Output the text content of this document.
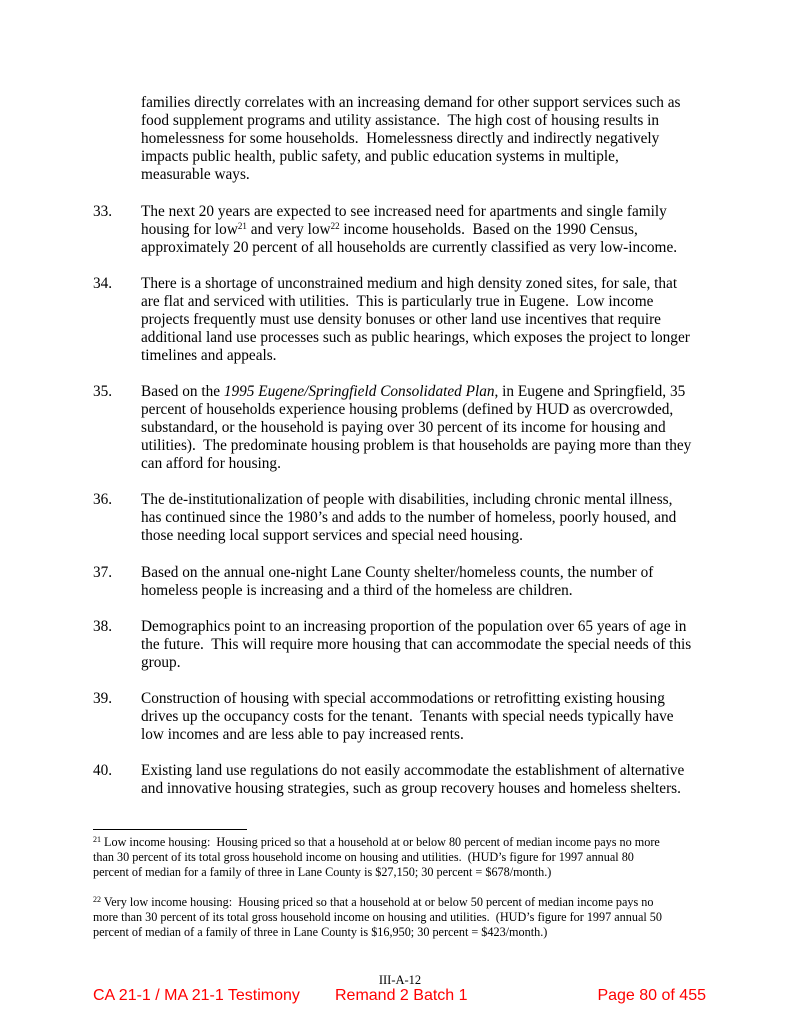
families directly correlates with an increasing demand for other support services such as
food supplement programs and utility assistance.  The high cost of housing results in
homelessness for some households.  Homelessness directly and indirectly negatively
impacts public health, public safety, and public education systems in multiple,
measurable ways.
33. The next 20 years are expected to see increased need for apartments and single family
housing for low$^{21}$ and very low$^{22}$ income households.  Based on the 1990 Census,
approximately 20 percent of all households are currently classified as very low-income.
34. There is a shortage of unconstrained medium and high density zoned sites, for sale, that
are flat and serviced with utilities.  This is particularly true in Eugene.  Low income
projects frequently must use density bonuses or other land use incentives that require
additional land use processes such as public hearings, which exposes the project to longer
timelines and appeals.
35. Based on the 1995 Eugene/Springfield Consolidated Plan, in Eugene and Springfield, 35
percent of households experience housing problems (defined by HUD as overcrowded,
substandard, or the household is paying over 30 percent of its income for housing and
utilities).  The predominate housing problem is that households are paying more than they
can afford for housing.
36. The de-institutionalization of people with disabilities, including chronic mental illness,
has continued since the 1980’s and adds to the number of homeless, poorly housed, and
those needing local support services and special need housing.
37. Based on the annual one-night Lane County shelter/homeless counts, the number of
homeless people is increasing and a third of the homeless are children.
38. Demographics point to an increasing proportion of the population over 65 years of age in
the future.  This will require more housing that can accommodate the special needs of this
group.
39. Construction of housing with special accommodations or retrofitting existing housing
drives up the occupancy costs for the tenant.  Tenants with special needs typically have
low incomes and are less able to pay increased rents.
40. Existing land use regulations do not easily accommodate the establishment of alternative
and innovative housing strategies, such as group recovery houses and homeless shelters.
$^{21}$ Low income housing:  Housing priced so that a household at or below 80 percent of median income pays no more
than 30 percent of its total gross household income on housing and utilities.  (HUD’s figure for 1997 annual 80
percent of median for a family of three in Lane County is $27,150; 30 percent = $678/month.)
$^{22}$ Very low income housing:  Housing priced so that a household at or below 50 percent of median income pays no
more than 30 percent of its total gross household income on housing and utilities.  (HUD’s figure for 1997 annual 50
percent of median of a family of three in Lane County is $16,950; 30 percent = $423/month.)
III-A-12
CA 21-1 / MA 21-1 Testimony Remand 2 Batch 1	Page 80 of 455
